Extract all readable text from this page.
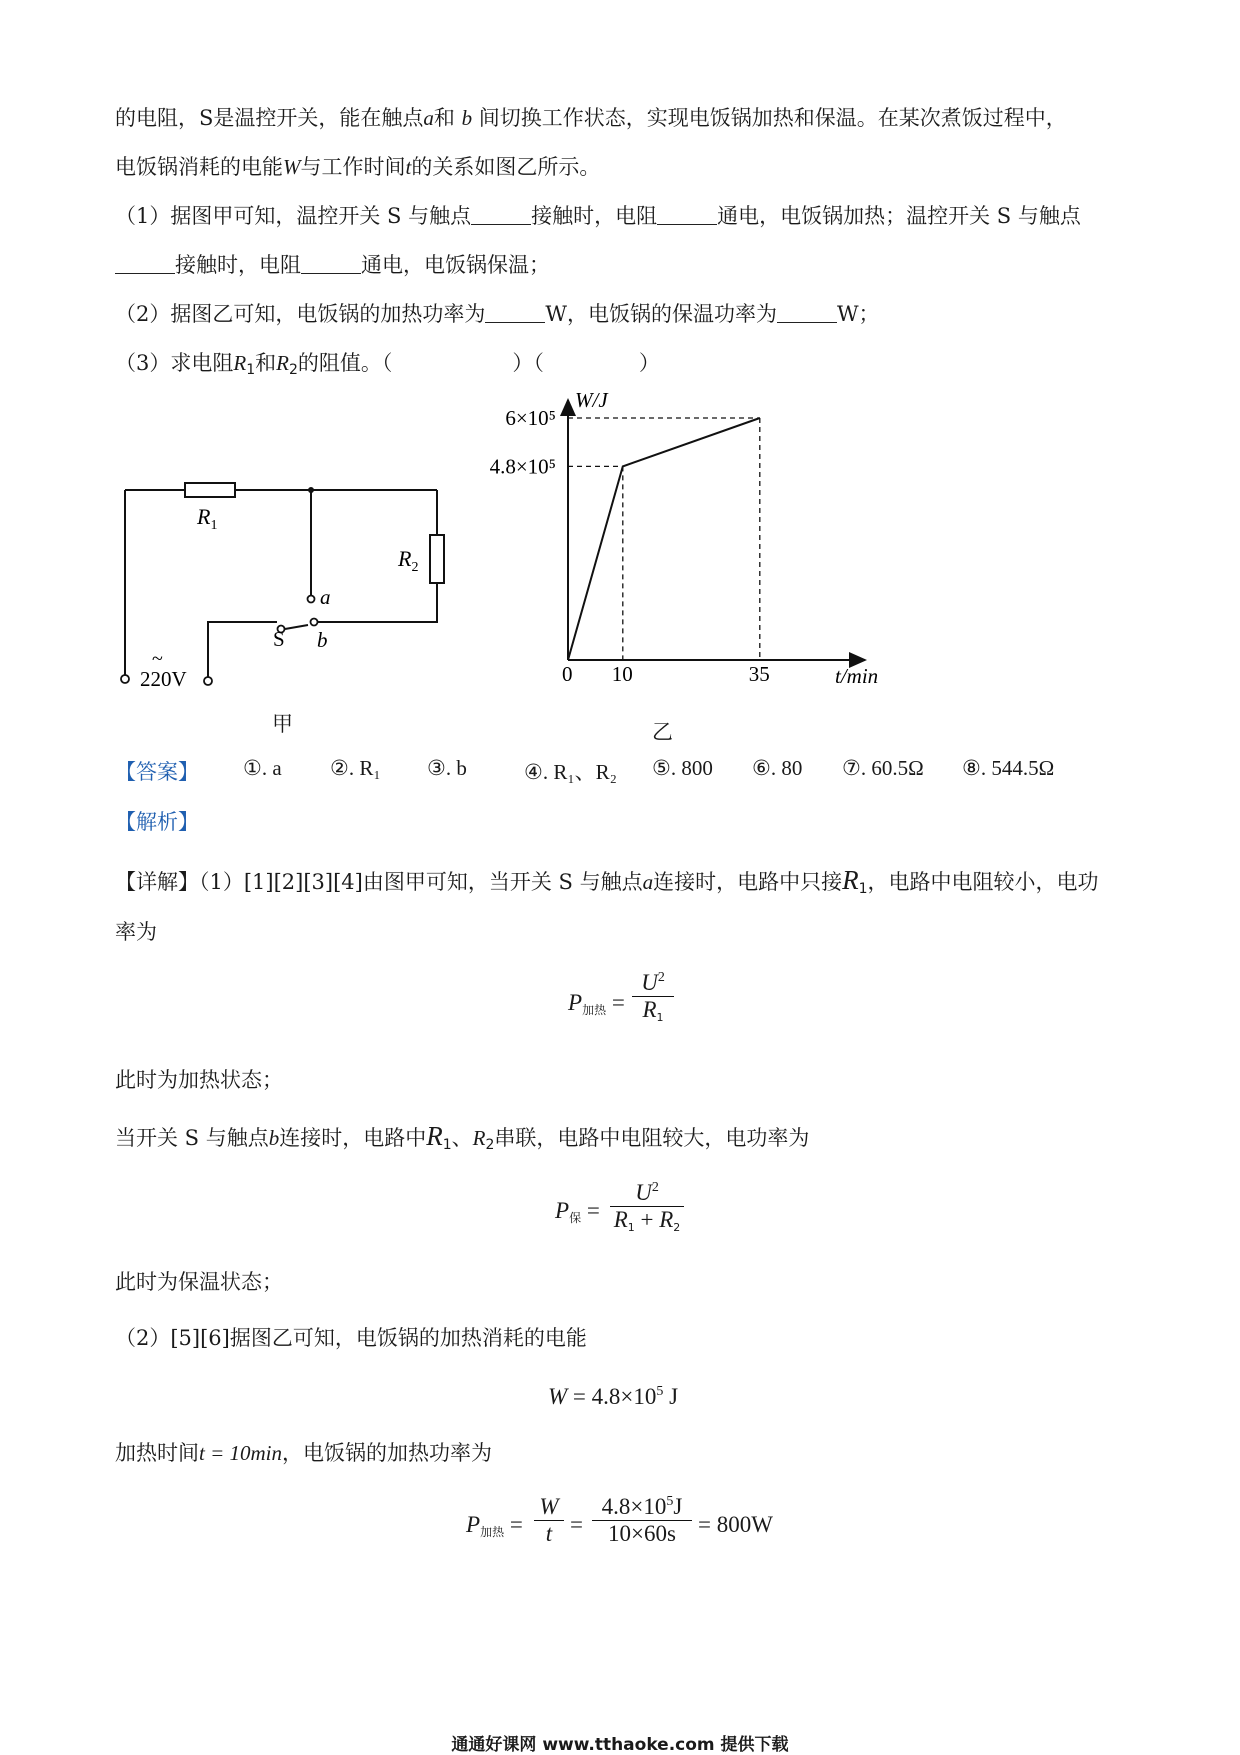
的电阻，S是温控开关，能在触点a和 b 间切换工作状态，实现电饭锅加热和保温。在某次煮饭过程中，
电饭锅消耗的电能W与工作时间t的关系如图乙所示。
（1）据图甲可知，温控开关 S 与触点	接触时，电阻	通电，电饭锅加热；温控开关 S 与触点
接触时，电阻	通电，电饭锅保温；
（2）据图乙可知，电饭锅的加热功率为	W，电饭锅的保温功率为	W；
（3）求电阻$R_1$和$R_2$的阻值。（	）（	）
$R_1$
$R_2$
a
b
S
~
220V
甲
W/J
t/min
0 10	35
4.8×10⁵
6×10⁵
乙
【答案】 ①. a ②. R₁ ③. b	④. R₁、R₂ ⑤. 800 ⑥. 80 ⑦. 60.5Ω ⑧. 544.5Ω
【解析】
【详解】（1）[1][2][3][4]由图甲可知，当开关 S 与触点a连接时，电路中只接$R_1$，电路中电阻较小，电功
率为
$P_{加热} = \frac{U^2}{R_1}$
此时为加热状态；
当开关 S 与触点b连接时，电路中$R_1$、$R_2$串联，电路中电阻较大，电功率为
$P_保 = \frac{U^2}{R_1 + R_2}$
此时为保温状态；
（2）[5][6]据图乙可知，电饭锅的加热消耗的电能
$W = 4.8\times 10^5$ J
加热时间t = 10min，电饭锅的加热功率为
$P_{加热} = \frac{W}{t} = \frac{4.8\times 10^5J}{10\times 60s} = 800W$
通通好课网 www.tthaoke.com 提供下载
